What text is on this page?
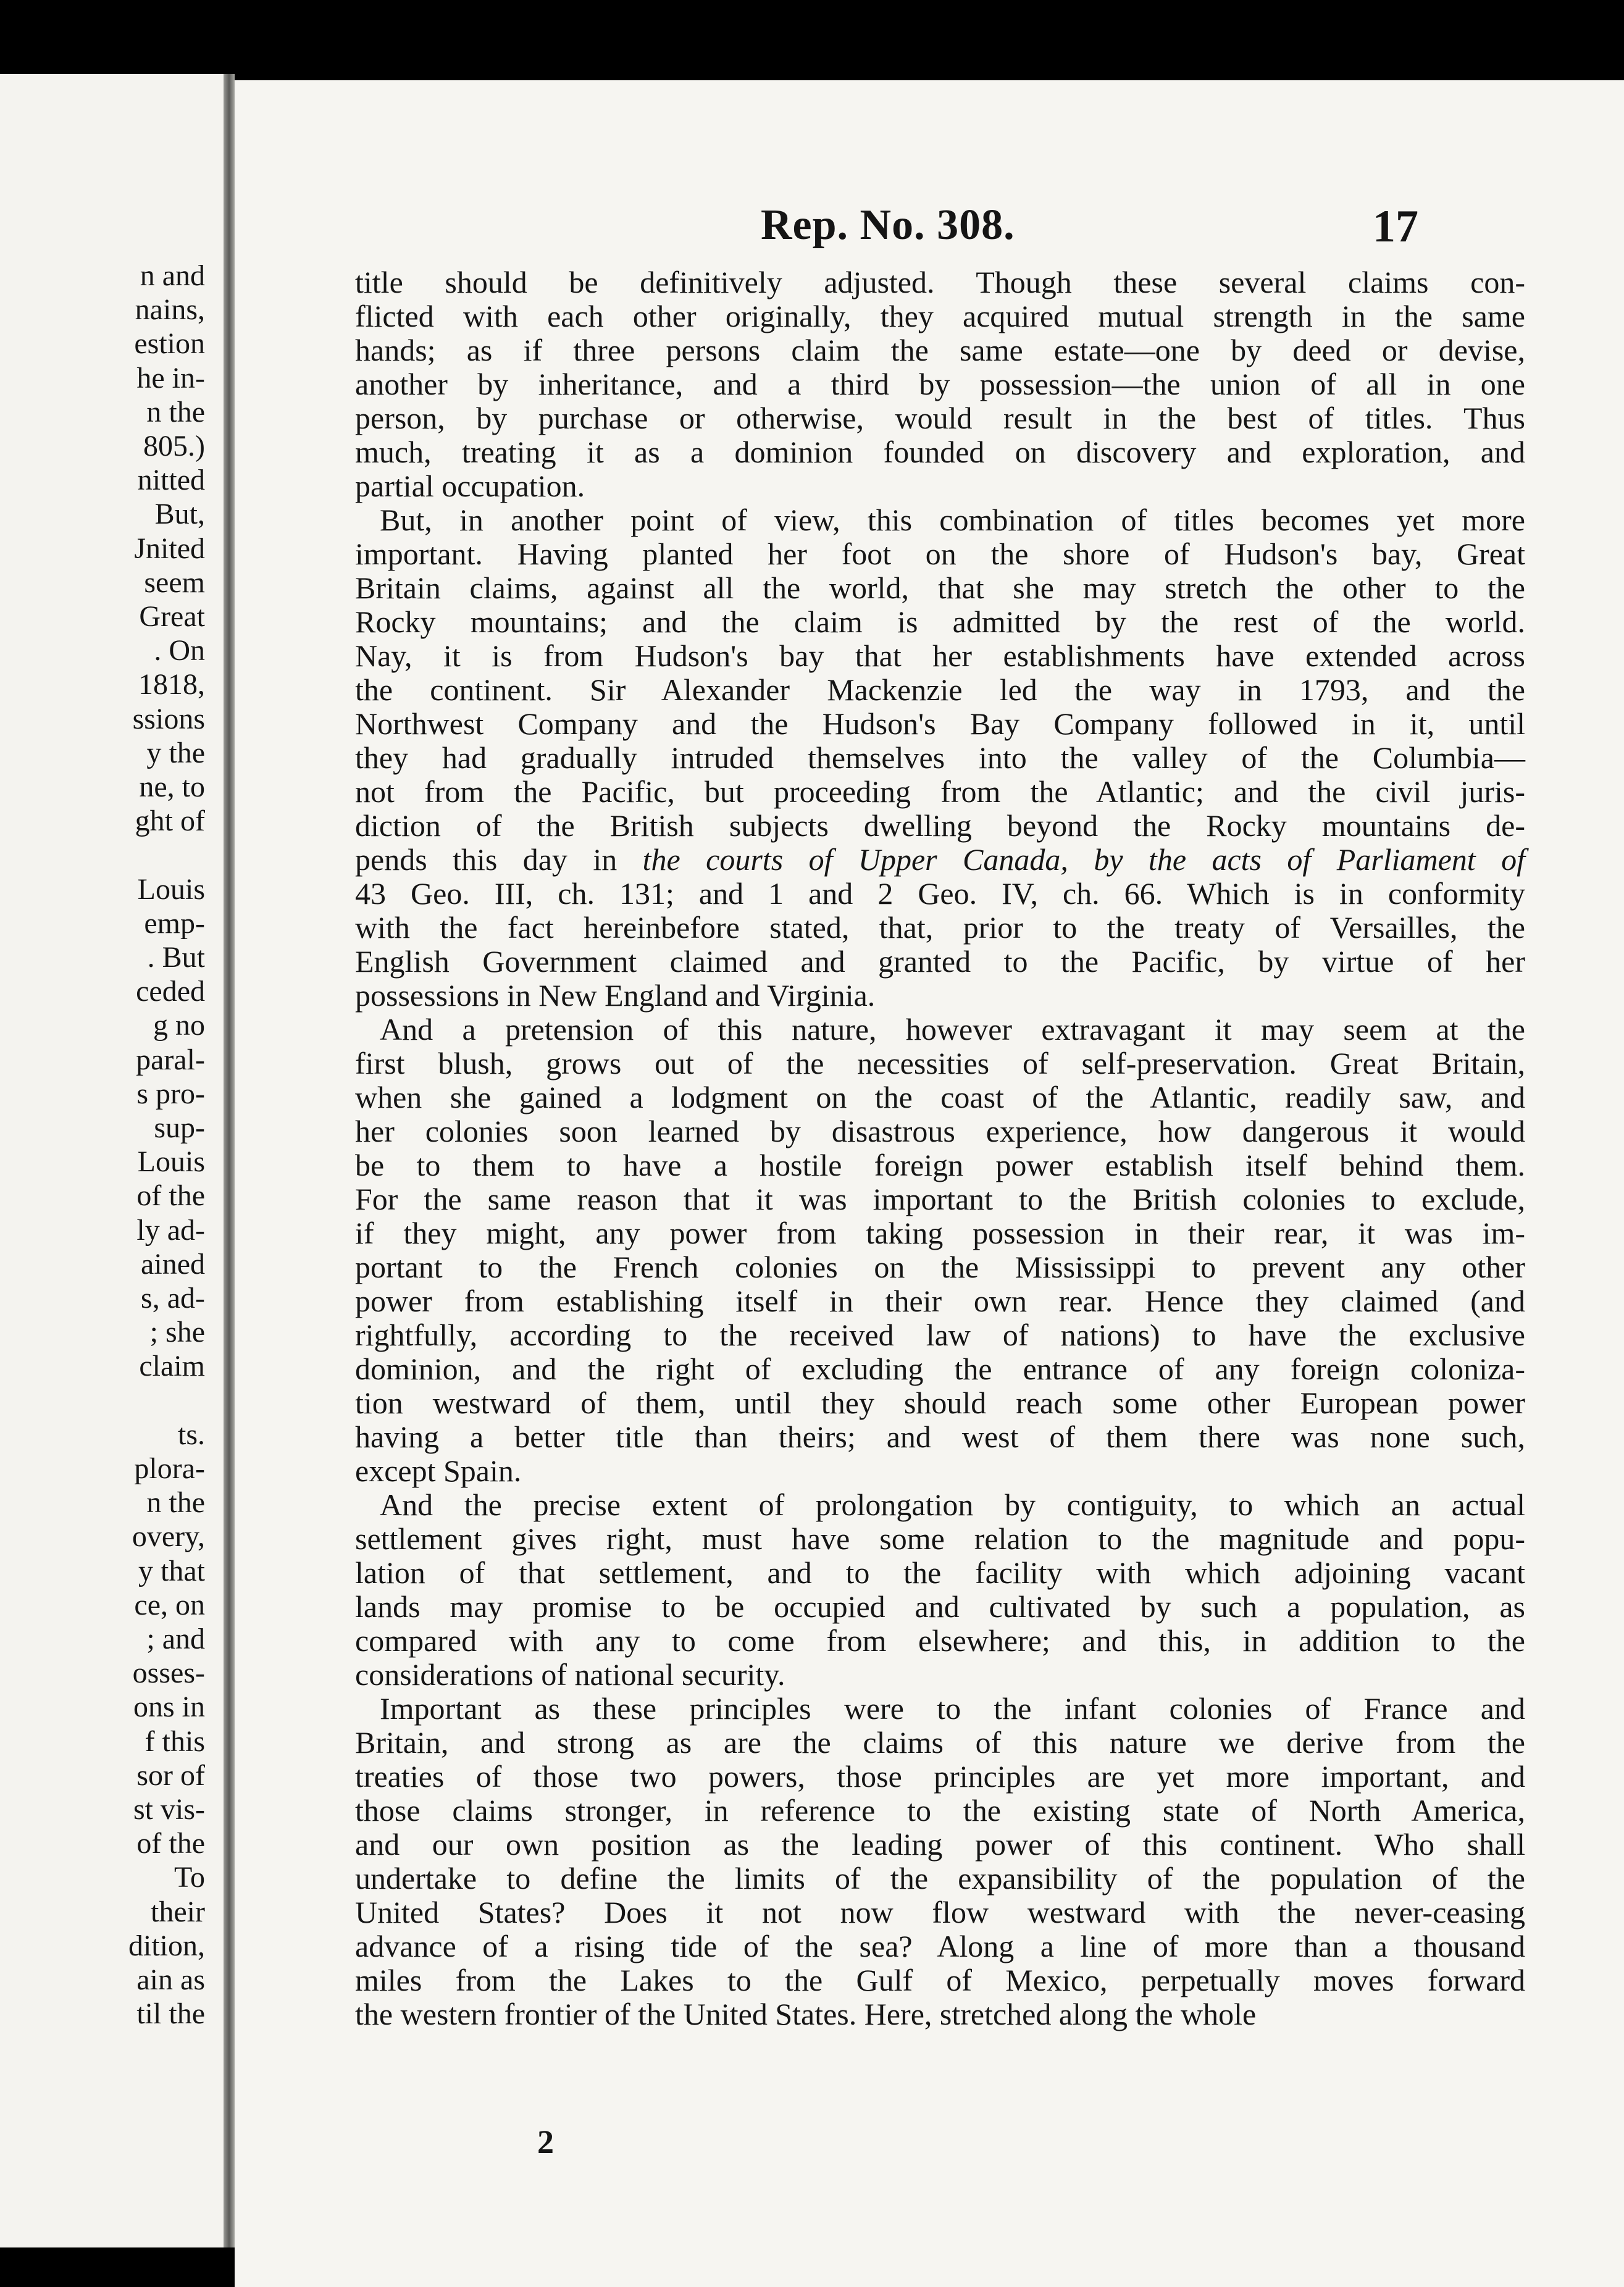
n and
nains,
estion
he in-
n the
805.)
nitted
But,
Jnited
seem
Great
. On
1818,
ssions
y the
ne, to
ght of
Louis
emp-
. But
ceded
g no
paral-
s pro-
sup-
Louis
of the
ly ad-
ained
s, ad-
; she
claim
ts.
plora-
n the
overy,
y that
ce, on
; and
osses-
ons in
f this
sor of
st vis-
of the
To
their
dition,
ain as
til the
Rep. No. 308.	17
title should be definitively adjusted. Though these several claims con-
flicted with each other originally, they acquired mutual strength in the same
hands; as if three persons claim the same estate—one by deed or devise,
another by inheritance, and a third by possession—the union of all in one
person, by purchase or otherwise, would result in the best of titles. Thus
much, treating it as a dominion founded on discovery and exploration, and
partial occupation.
But, in another point of view, this combination of titles becomes yet more
important. Having planted her foot on the shore of Hudson's bay, Great
Britain claims, against all the world, that she may stretch the other to the
Rocky mountains; and the claim is admitted by the rest of the world.
Nay, it is from Hudson's bay that her establishments have extended across
the continent. Sir Alexander Mackenzie led the way in 1793, and the
Northwest Company and the Hudson's Bay Company followed in it, until
they had gradually intruded themselves into the valley of the Columbia—
not from the Pacific, but proceeding from the Atlantic; and the civil juris-
diction of the British subjects dwelling beyond the Rocky mountains de-
pends this day in the courts of Upper Canada, by the acts of Parliament of
43 Geo. III, ch. 131; and 1 and 2 Geo. IV, ch. 66. Which is in conformity
with the fact hereinbefore stated, that, prior to the treaty of Versailles, the
English Government claimed and granted to the Pacific, by virtue of her
possessions in New England and Virginia.
And a pretension of this nature, however extravagant it may seem at the
first blush, grows out of the necessities of self-preservation. Great Britain,
when she gained a lodgment on the coast of the Atlantic, readily saw, and
her colonies soon learned by disastrous experience, how dangerous it would
be to them to have a hostile foreign power establish itself behind them.
For the same reason that it was important to the British colonies to exclude,
if they might, any power from taking possession in their rear, it was im-
portant to the French colonies on the Mississippi to prevent any other
power from establishing itself in their own rear. Hence they claimed (and
rightfully, according to the received law of nations) to have the exclusive
dominion, and the right of excluding the entrance of any foreign coloniza-
tion westward of them, until they should reach some other European power
having a better title than theirs; and west of them there was none such,
except Spain.
And the precise extent of prolongation by contiguity, to which an actual
settlement gives right, must have some relation to the magnitude and popu-
lation of that settlement, and to the facility with which adjoining vacant
lands may promise to be occupied and cultivated by such a population, as
compared with any to come from elsewhere; and this, in addition to the
considerations of national security.
Important as these principles were to the infant colonies of France and
Britain, and strong as are the claims of this nature we derive from the
treaties of those two powers, those principles are yet more important, and
those claims stronger, in reference to the existing state of North America,
and our own position as the leading power of this continent. Who shall
undertake to define the limits of the expansibility of the population of the
United States? Does it not now flow westward with the never-ceasing
advance of a rising tide of the sea? Along a line of more than a thousand
miles from the Lakes to the Gulf of Mexico, perpetually moves forward
the western frontier of the United States. Here, stretched along the whole
2
